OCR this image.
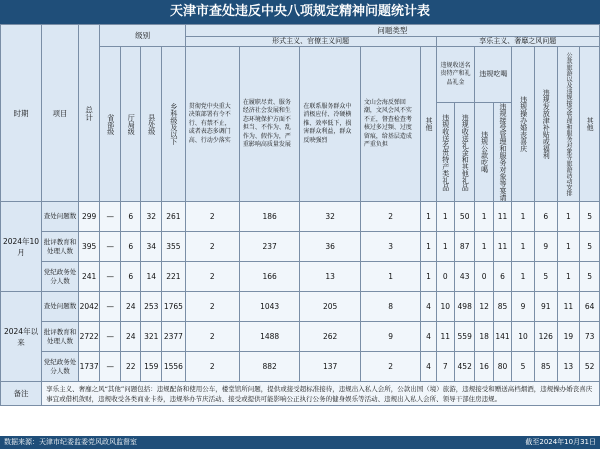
天津市查处违反中央八项规定精神问题统计表
时期	项目	总计	级别				问题类型												
							形式主义、官僚主义问题					享乐主义、奢靡之风问题							

			省部级	厅局级	县处级	乡科级及以下	贯彻党中央重大决策部署有令不行、有禁不止，或者表态多调门高、行动少落实	在履职尽责、服务经济社会发展和生态环境保护方面不担当、不作为、乱作为、假作为，严重影响高质量发展	在联系服务群众中消极应付、冷硬横推、效率低下，损害群众利益，群众反映强烈	文山会海反弹回潮，文风会风不实不正，督查检查考核过多过频、过度留痕，给基层造成严重负担	其他	违规收送名贵特产和礼品礼金		违规吃喝		违规操办婚丧喜庆	违规发放津补贴或福利	公款旅游以及违规接受管理和服务对象等旅游活动安排	其他

												违规收送名贵特产类礼品	违规收送礼金和其他礼品	违规公款吃喝	违规接受管理和服务对象等宴请				

2024年10月	查处问题数	299	—	6	32	261	2	186	32	2	1	1	50	1	11	1	6	1	5
	批评教育和处理人数	395	—	6	34	355	2	237	36	3	1	1	87	1	11	1	9	1	5
	党纪政务处分人数	241	—	6	14	221	2	166	13	1	1	0	43	0	6	1	5	1	5
2024年以来	查处问题数	2042	—	24	253	1765	2	1043	205	8	4	10	498	12	85	9	91	11	64
	批评教育和处理人数	2722	—	24	321	2377	2	1488	262	9	4	11	559	18	141	10	126	19	73
	党纪政务处分人数	1737	—	22	159	1556	2	882	137	2	4	7	452	16	80	5	85	13	52
备注	享乐主义、奢靡之风“其他”问题包括：违规配备和使用公车，楼堂馆所问题，提供或接受超标准接待，违规出入私人会所，公款出国（境）旅游，违规接受和赠送高档烟酒，违规操办婚丧喜庆事宜或借机敛财，违规收受各类商业卡券，违规举办节庆活动、接受或提供可能影响公正执行公务的健身娱乐等活动、违规出入私人会所、领导干部住房违规。																		
数据来源：天津市纪委监委党风政风监督室	截至2024年10月31日
